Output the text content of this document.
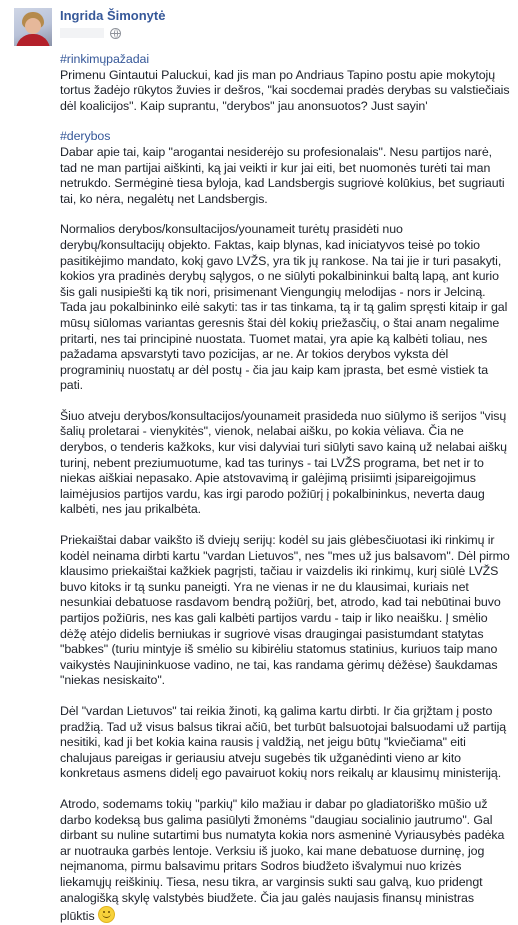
Ingrida Šimonytė
#rinkimųpažadai

Primenu Gintautui Paluckui, kad jis man po Andriaus Tapino postu apie mokytojų tortus žadėjo rūkytos žuvies ir dešros, "kai socdemai pradės derybas su valstiečiais dėl koalicijos". Kaip suprantu, "derybos" jau anonsuotos? Just sayin'

#derybos

Dabar apie tai, kaip "arogantai nesiderėjo su profesionalais". Nesu partijos narė, tad ne man partijai aiškinti, ką jai veikti ir kur jai eiti, bet nuomonės turėti tai man netrukdo. Sermėginė tiesa byloja, kad Landsbergis sugriovė kolūkius, bet sugriauti tai, ko nėra, negalėtų net Landsbergis.

Normalios derybos/konsultacijos/younameit turėtų prasidėti nuo derybų/konsultacijų objekto. Faktas, kaip blynas, kad iniciatyvos teisė po tokio pasitikėjimo mandato, kokį gavo LVŽS, yra tik jų rankose. Na tai jie ir turi pasakyti, kokios yra pradinės derybų sąlygos, o ne siūlyti pokalbininkui baltą lapą, ant kurio šis gali nusipiešti ką tik nori, prisimenant Viengungių melodijas - nors ir Jelciną. Tada jau pokalbininko eilė sakyti: tas ir tas tinkama, tą ir tą galim spręsti kitaip ir gal mūsų siūlomas variantas geresnis štai dėl kokių priežasčių, o štai anam negalime pritarti, nes tai principinė nuostata. Tuomet matai, yra apie ką kalbėti toliau, nes pažadama apsvarstyti tavo pozicijas, ar ne. Ar tokios derybos vyksta dėl programinių nuostatų ar dėl postų - čia jau kaip kam įprasta, bet esmė vistiek ta pati.

Šiuo atveju derybos/konsultacijos/younameit prasideda nuo siūlymo iš serijos "visų šalių proletarai - vienykitės", vienok, nelabai aišku, po kokia vėliava. Čia ne derybos, o tenderis kažkoks, kur visi dalyviai turi siūlyti savo kainą už nelabai aiškų turinį, nebent preziumuotume, kad tas turinys - tai LVŽS programa, bet net ir to niekas aiškiai nepasako. Apie atstovavimą ir galėjimą prisiimti įsipareigojimus laimėjusios partijos vardu, kas irgi parodo požiūrį į pokalbininkus, neverta daug kalbėti, nes jau prikalbėta.

Priekaištai dabar vaikšto iš dviejų serijų: kodėl su jais glėbesčiuotasi iki rinkimų ir kodėl neinama dirbti kartu "vardan Lietuvos", nes "mes už jus balsavom". Dėl pirmo klausimo priekaištai kažkiek pagrįsti, tačiau ir vaizdelis iki rinkimų, kurį siūlė LVŽS buvo kitoks ir tą sunku paneigti. Yra ne vienas ir ne du klausimai, kuriais net nesunkiai debatuose rasdavom bendrą požiūrį, bet, atrodo, kad tai nebūtinai buvo partijos požiūris, nes kas gali kalbėti partijos vardu - taip ir liko neaišku. Į smėlio dėžę atėjo didelis berniukas ir sugriovė visas draugingai pasistumdant statytas "babkes" (turiu mintyje iš smėlio su kibirėliu statomus statinius, kuriuos taip mano vaikystės Naujininkuose vadino, ne tai, kas randama gėrimų dėžėse) šaukdamas "niekas nesiskaito".

Dėl "vardan Lietuvos" tai reikia žinoti, ką galima kartu dirbti. Ir čia grįžtam į posto pradžią. Tad už visus balsus tikrai ačiū, bet turbūt balsuotojai balsuodami už partiją nesitiki, kad ji bet kokia kaina rausis į valdžią, net jeigu būtų "kviečiama" eiti chalujaus pareigas ir geriausiu atveju sugebės tik užganėdinti vieno ar kito konkretaus asmens didelį ego pavairuot kokių nors reikalų ar klausimų ministeriją.

Atrodo, sodemams tokių "parkių" kilo mažiau ir dabar po gladiatoriško mūšio už darbo kodeksą bus galima pasiūlyti žmonėms "daugiau socialinio jautrumo". Gal dirbant su nuline sutartimi bus numatyta kokia nors asmeninė Vyriausybės padėka ar nuotrauka garbės lentoje. Verksiu iš juoko, kai mane debatuose durninę, jog neįmanoma, pirmu balsavimu pritars Sodros biudžeto išvalymui nuo krizės liekamųjų reiškinių. Tiesa, nesu tikra, ar varginsis sukti sau galvą, kuo pridengt analogišką skylę valstybės biudžete. Čia jau galės naujasis finansų ministras plūktis
